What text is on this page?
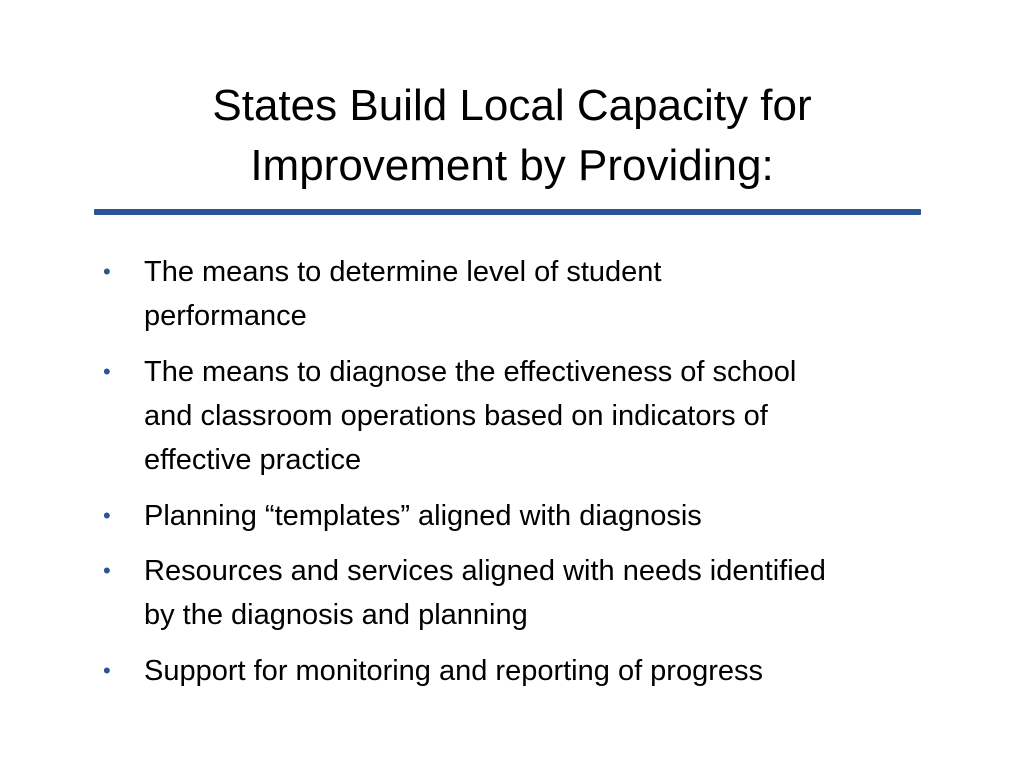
States Build Local Capacity for
Improvement by Providing:
• The means to determine level of student
performance
• The means to diagnose the effectiveness of school
and classroom operations based on indicators of
effective practice
• Planning “templates” aligned with diagnosis
• Resources and services aligned with needs identified
by the diagnosis and planning
• Support for monitoring and reporting of progress
